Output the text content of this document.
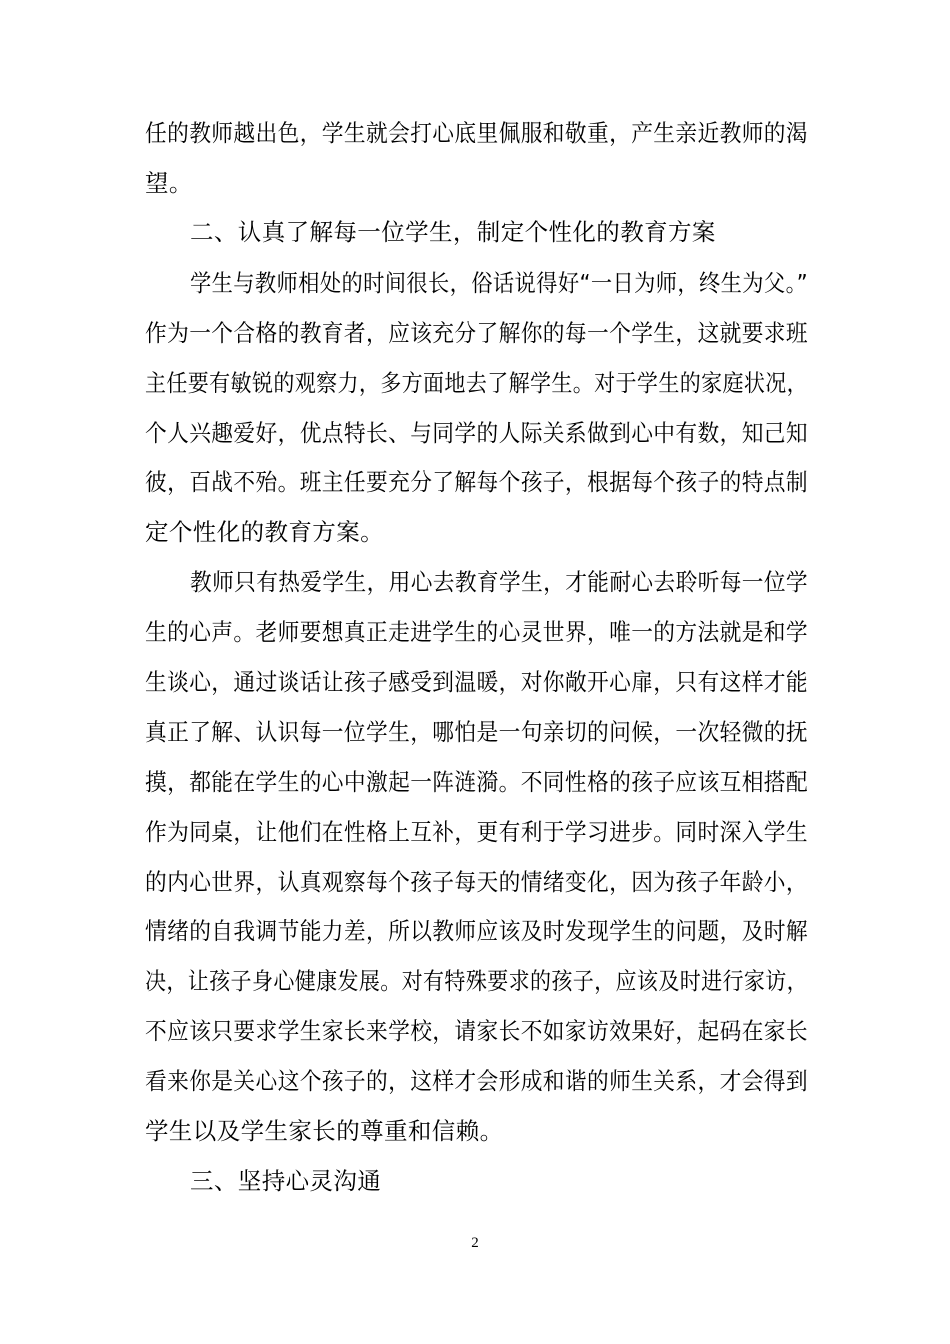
任的教师越出色，学生就会打心底里佩服和敬重，产生亲近教师的渴
望。
二、认真了解每一位学生，制定个性化的教育方案
学生与教师相处的时间很长，俗话说得好“一日为师，终生为父。”
作为一个合格的教育者，应该充分了解你的每一个学生，这就要求班
主任要有敏锐的观察力，多方面地去了解学生。对于学生的家庭状况，
个人兴趣爱好，优点特长、与同学的人际关系做到心中有数，知己知
彼，百战不殆。班主任要充分了解每个孩子，根据每个孩子的特点制
定个性化的教育方案。
教师只有热爱学生，用心去教育学生，才能耐心去聆听每一位学
生的心声。老师要想真正走进学生的心灵世界，唯一的方法就是和学
生谈心，通过谈话让孩子感受到温暖，对你敞开心扉，只有这样才能
真正了解、认识每一位学生，哪怕是一句亲切的问候，一次轻微的抚
摸，都能在学生的心中激起一阵涟漪。不同性格的孩子应该互相搭配
作为同桌，让他们在性格上互补，更有利于学习进步。同时深入学生
的内心世界，认真观察每个孩子每天的情绪变化，因为孩子年龄小，
情绪的自我调节能力差，所以教师应该及时发现学生的问题，及时解
决，让孩子身心健康发展。对有特殊要求的孩子，应该及时进行家访，
不应该只要求学生家长来学校，请家长不如家访效果好，起码在家长
看来你是关心这个孩子的，这样才会形成和谐的师生关系，才会得到
学生以及学生家长的尊重和信赖。
三、坚持心灵沟通
2
